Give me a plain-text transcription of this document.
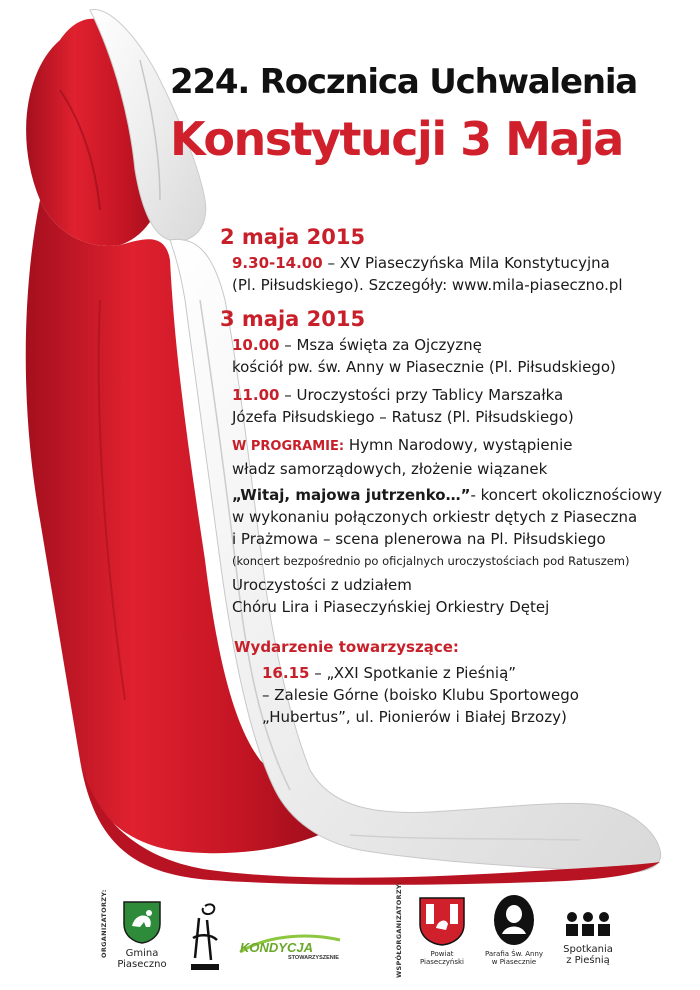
224. Rocznica Uchwalenia
Konstytucji 3 Maja
2 maja 2015
9.30-14.00 – XV Piaseczyńska Mila Konstytucyjna
(Pl. Piłsudskiego). Szczegóły: www.mila-piaseczno.pl
3 maja 2015
10.00 – Msza święta za Ojczyznę
kościół pw. św. Anny w Piasecznie (Pl. Piłsudskiego)
11.00 – Uroczystości przy Tablicy Marszałka
Józefa Piłsudskiego – Ratusz (Pl. Piłsudskiego)
W PROGRAMIE: Hymn Narodowy, wystąpienie
władz samorządowych, złożenie wiązanek
„Witaj, majowa jutrzenko…”- koncert okolicznościowy
w wykonaniu połączonych orkiestr dętych z Piaseczna
i Prażmowa – scena plenerowa na Pl. Piłsudskiego
(koncert bezpośrednio po oficjalnych uroczystościach pod Ratuszem)
Uroczystości z udziałem
Chóru Lira i Piaseczyńskiej Orkiestry Dętej
Wydarzenie towarzyszące:
16.15 – „XXI Spotkanie z Pieśnią”
– Zalesie Górne (boisko Klubu Sportowego
„Hubertus”, ul. Pionierów i Białej Brzozy)
ORGANIZATORZY:	Gmina
Piaseczno
KONDYCJA
STOWARZYSZENIE	WSPÓŁORGANIZATORZY:	Powiat
Piaseczyński
Parafia Św. Anny
w Piasecznie
Spotkania
z Pieśnią
